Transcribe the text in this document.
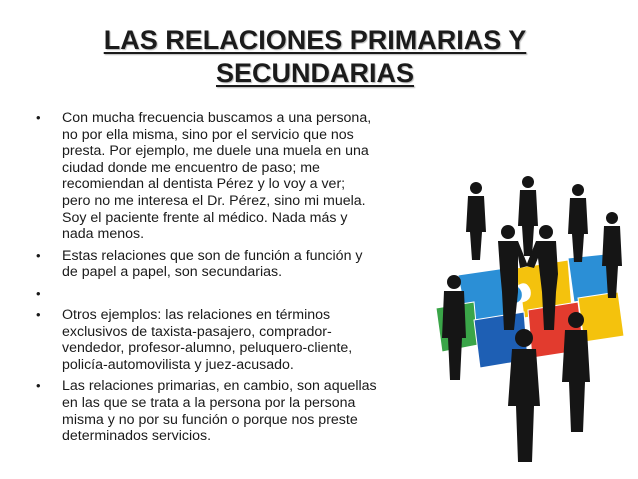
LAS RELACIONES PRIMARIAS Y
SECUNDARIAS
• Con mucha frecuencia buscamos a una persona,
no por ella misma, sino por el servicio que nos
presta. Por ejemplo, me duele una muela en una
ciudad donde me encuentro de paso; me
recomiendan al dentista Pérez y lo voy a ver;
pero no me interesa el Dr. Pérez, sino mi muela.
Soy el paciente frente al médico. Nada más y
nada menos.
• Estas relaciones que son de función a función y
de papel a papel, son secundarias.
•
• Otros ejemplos: las relaciones en términos
exclusivos de taxista-pasajero, comprador-
vendedor, profesor-alumno, peluquero-cliente,
policía-automovilista y juez-acusado.
• Las relaciones primarias, en cambio, son aquellas
en las que se trata a la persona por la persona
misma y no por su función o porque nos preste
determinados servicios.
